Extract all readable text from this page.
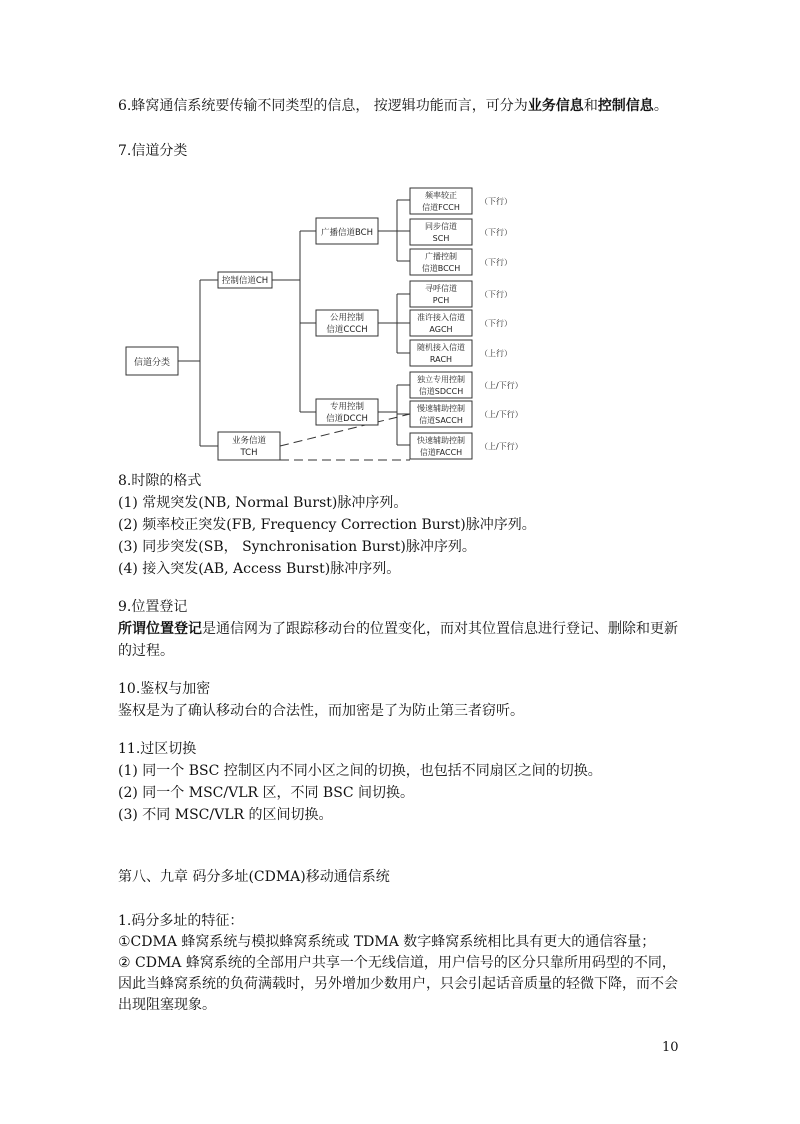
6.蜂窝通信系统要传输不同类型的信息， 按逻辑功能而言，可分为业务信息和控制信息。
7.信道分类
信道分类
控制信道CH
业务信道
TCH
广播信道BCH
公用控制
信道CCCH
专用控制
信道DCCH
频率较正
信道FCCH
（下行）
同步信道
SCH
（下行）
广播控制
信道BCCH
（下行）
寻呼信道
PCH
（下行）
准许接入信道
AGCH
（下行）
随机接入信道
RACH
（上行）
独立专用控制
信道SDCCH
（上/下行）
慢速辅助控制
信道SACCH
（上/下行）
快速辅助控制
信道FACCH
（上/下行）
8.时隙的格式
(1) 常规突发(NB, Normal Burst)脉冲序列。
(2) 频率校正突发(FB, Frequency Correction Burst)脉冲序列。
(3) 同步突发(SB， Synchronisation Burst)脉冲序列。
(4) 接入突发(AB, Access Burst)脉冲序列。
9.位置登记
所谓位置登记是通信网为了跟踪移动台的位置变化，而对其位置信息进行登记、删除和更新
的过程。
10.鉴权与加密
鉴权是为了确认移动台的合法性，而加密是了为防止第三者窃听。
11.过区切换
(1) 同一个 BSC 控制区内不同小区之间的切换，也包括不同扇区之间的切换。
(2) 同一个 MSC/VLR 区，不同 BSC 间切换。
(3) 不同 MSC/VLR 的区间切换。
第八、九章 码分多址(CDMA)移动通信系统
1.码分多址的特征：
①CDMA 蜂窝系统与模拟蜂窝系统或 TDMA 数字蜂窝系统相比具有更大的通信容量；
② CDMA 蜂窝系统的全部用户共享一个无线信道，用户信号的区分只靠所用码型的不同，
因此当蜂窝系统的负荷满载时，另外增加少数用户，只会引起话音质量的轻微下降，而不会
出现阻塞现象。
10
